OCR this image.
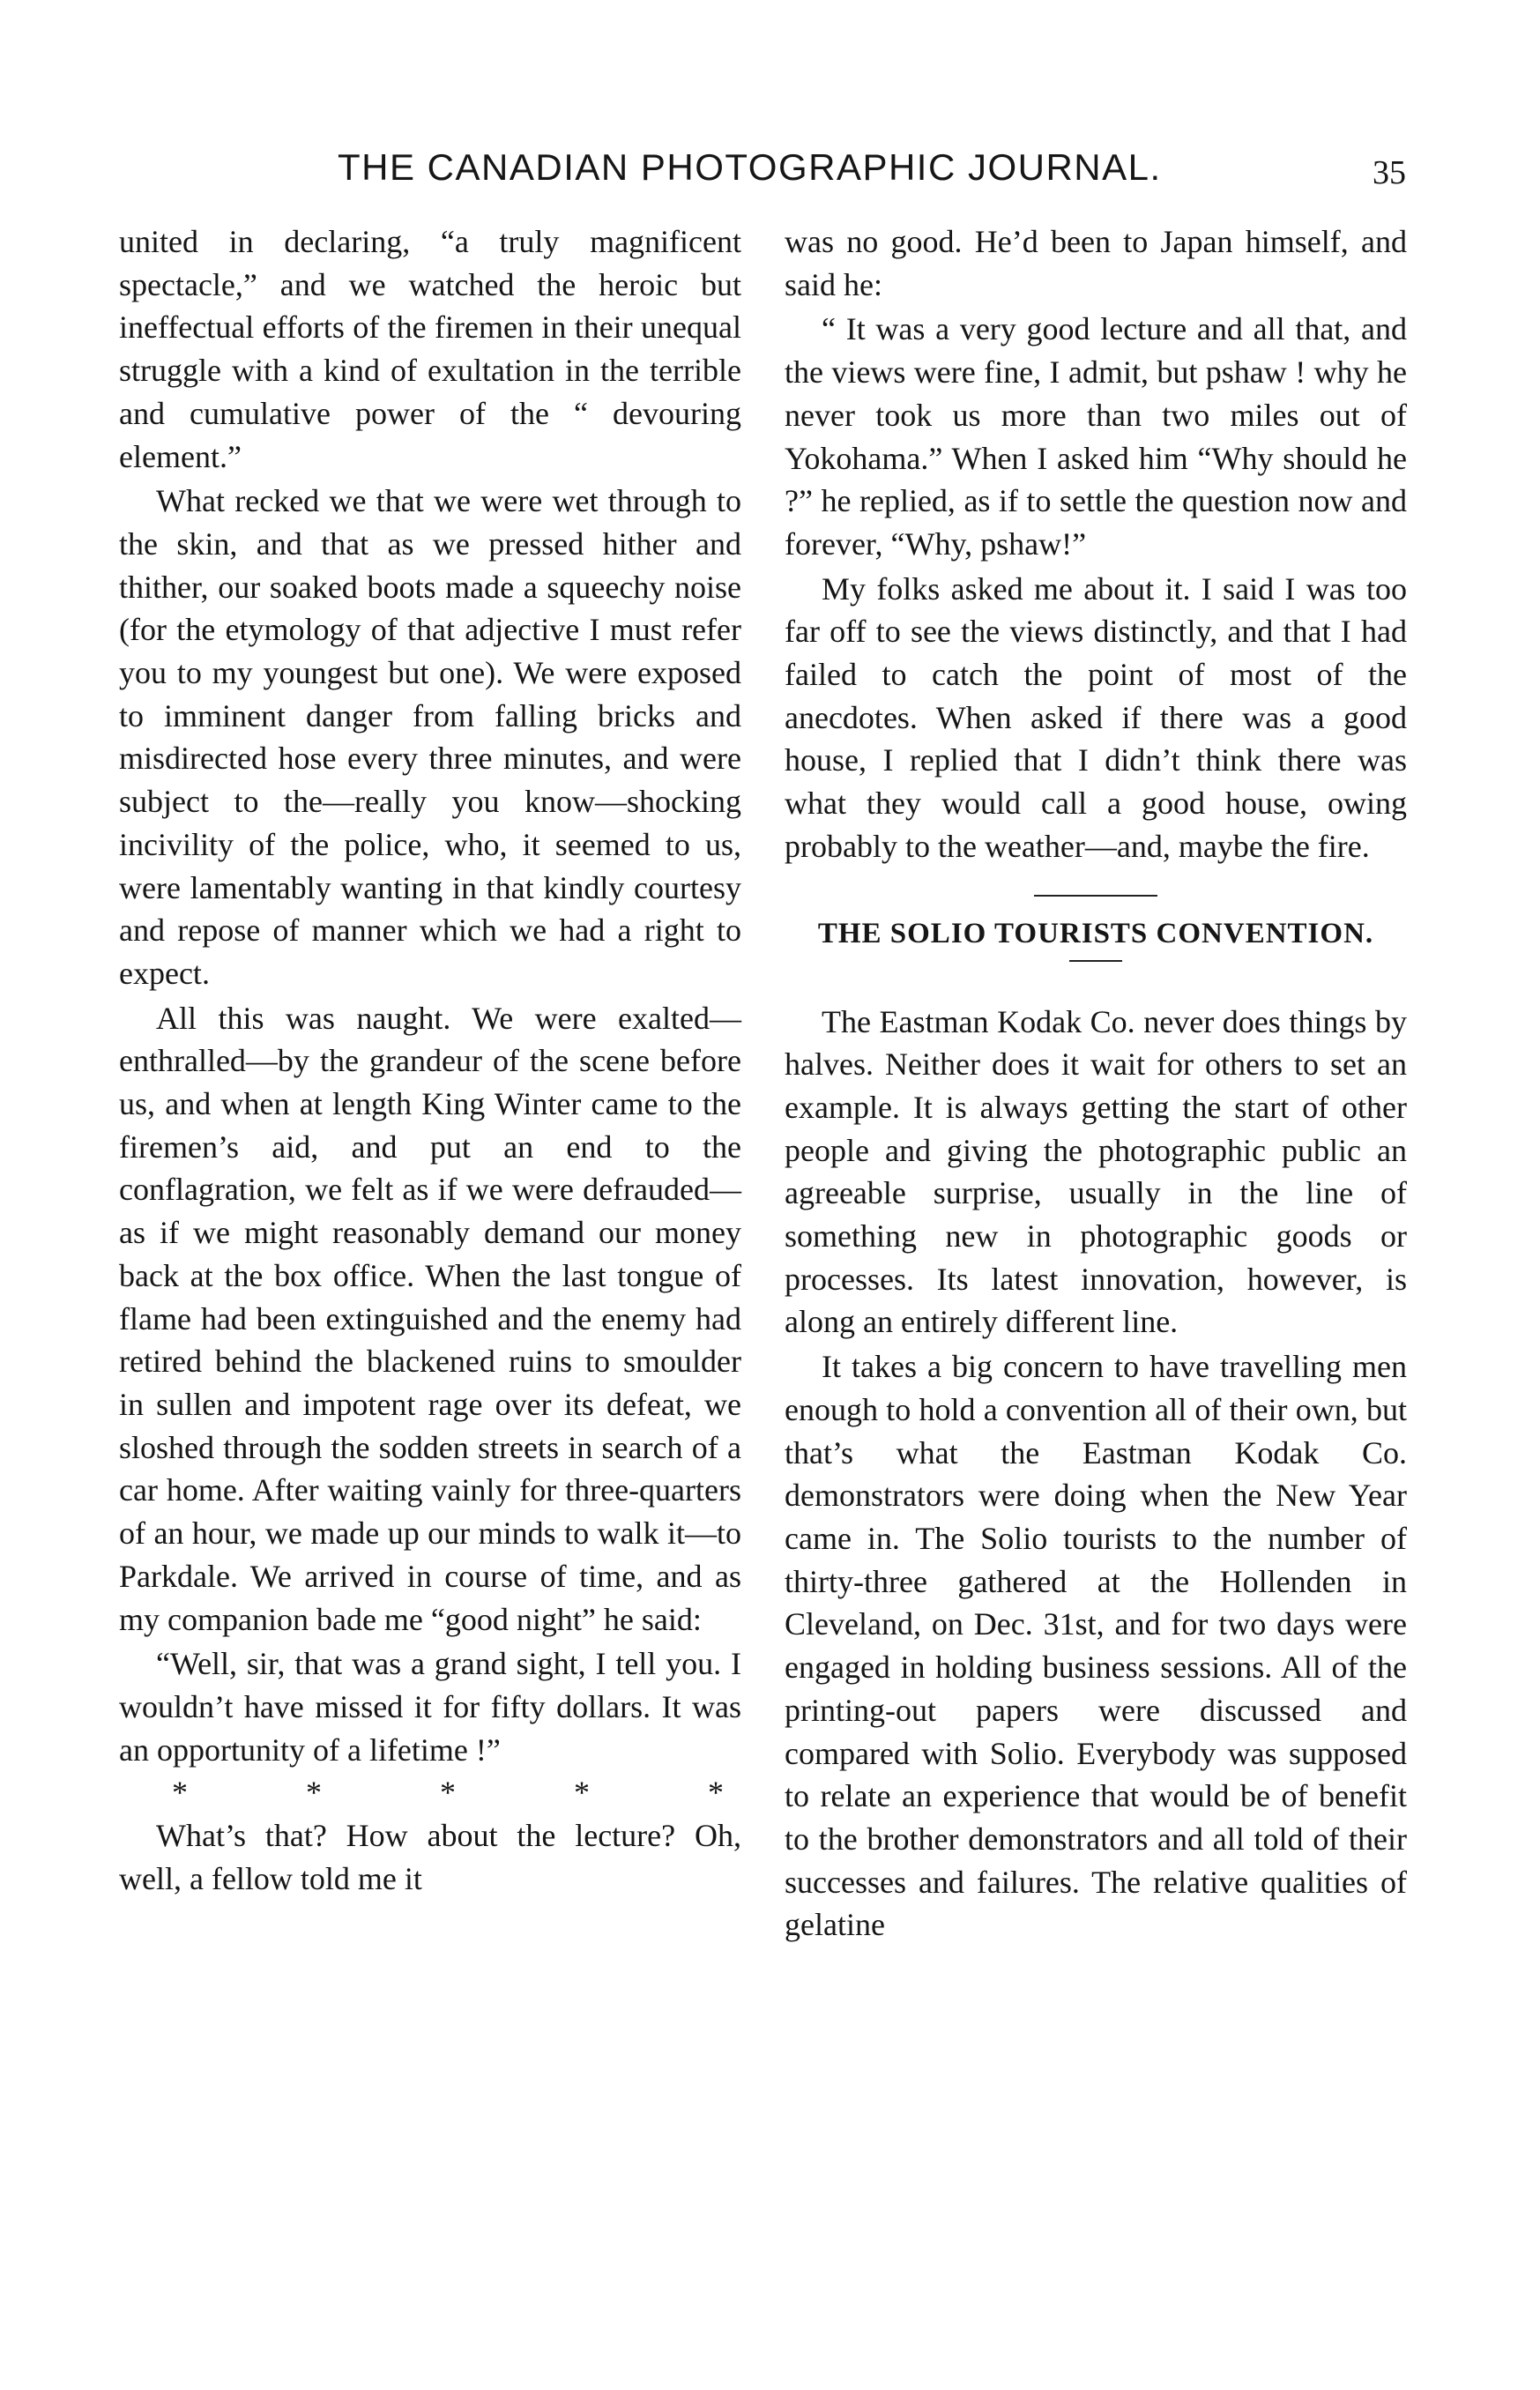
THE CANADIAN PHOTOGRAPHIC JOURNAL.	35

united in declaring, “a truly magnificent spectacle,” and we watched the heroic but ineffectual efforts of the firemen in their unequal struggle with a kind of exultation in the terrible and cumulative power of the “ devouring element.”

What recked we that we were wet through to the skin, and that as we pressed hither and thither, our soaked boots made a squeechy noise (for the etymology of that adjective I must refer you to my youngest but one). We were exposed to imminent danger from falling bricks and misdirected hose every three minutes, and were subject to the—really you know—shocking incivility of the police, who, it seemed to us, were lamentably wanting in that kindly courtesy and repose of manner which we had a right to expect.

All this was naught. We were exalted—enthralled—by the grandeur of the scene before us, and when at length King Winter came to the firemen’s aid, and put an end to the conflagration, we felt as if we were defrauded—as if we might reasonably demand our money back at the box office. When the last tongue of flame had been extinguished and the enemy had retired behind the blackened ruins to smoulder in sullen and impotent rage over its defeat, we sloshed through the sodden streets in search of a car home. After waiting vainly for three-quarters of an hour, we made up our minds to walk it—to Parkdale. We arrived in course of time, and as my companion bade me “good night” he said:

“Well, sir, that was a grand sight, I tell you. I wouldn’t have missed it for fifty dollars. It was an opportunity of a lifetime !”

*	*	*	*	*

What’s that? How about the lecture? Oh, well, a fellow told me it

was no good. He’d been to Japan himself, and said he:

“ It was a very good lecture and all that, and the views were fine, I admit, but pshaw ! why he never took us more than two miles out of Yokohama.” When I asked him “Why should he ?” he replied, as if to settle the question now and forever, “Why, pshaw!”

My folks asked me about it. I said I was too far off to see the views distinctly, and that I had failed to catch the point of most of the anecdotes. When asked if there was a good house, I replied that I didn’t think there was what they would call a good house, owing probably to the weather—and, maybe the fire.

THE SOLIO TOURISTS CONVENTION.

The Eastman Kodak Co. never does things by halves. Neither does it wait for others to set an example. It is always getting the start of other people and giving the photographic public an agreeable surprise, usually in the line of something new in photographic goods or processes. Its latest innovation, however, is along an entirely different line.

It takes a big concern to have travelling men enough to hold a convention all of their own, but that’s what the Eastman Kodak Co. demonstrators were doing when the New Year came in. The Solio tourists to the number of thirty-three gathered at the Hollenden in Cleveland, on Dec. 31st, and for two days were engaged in holding business sessions. All of the printing-out papers were discussed and compared with Solio. Everybody was supposed to relate an experience that would be of benefit to the brother demonstrators and all told of their successes and failures. The relative qualities of gelatine
